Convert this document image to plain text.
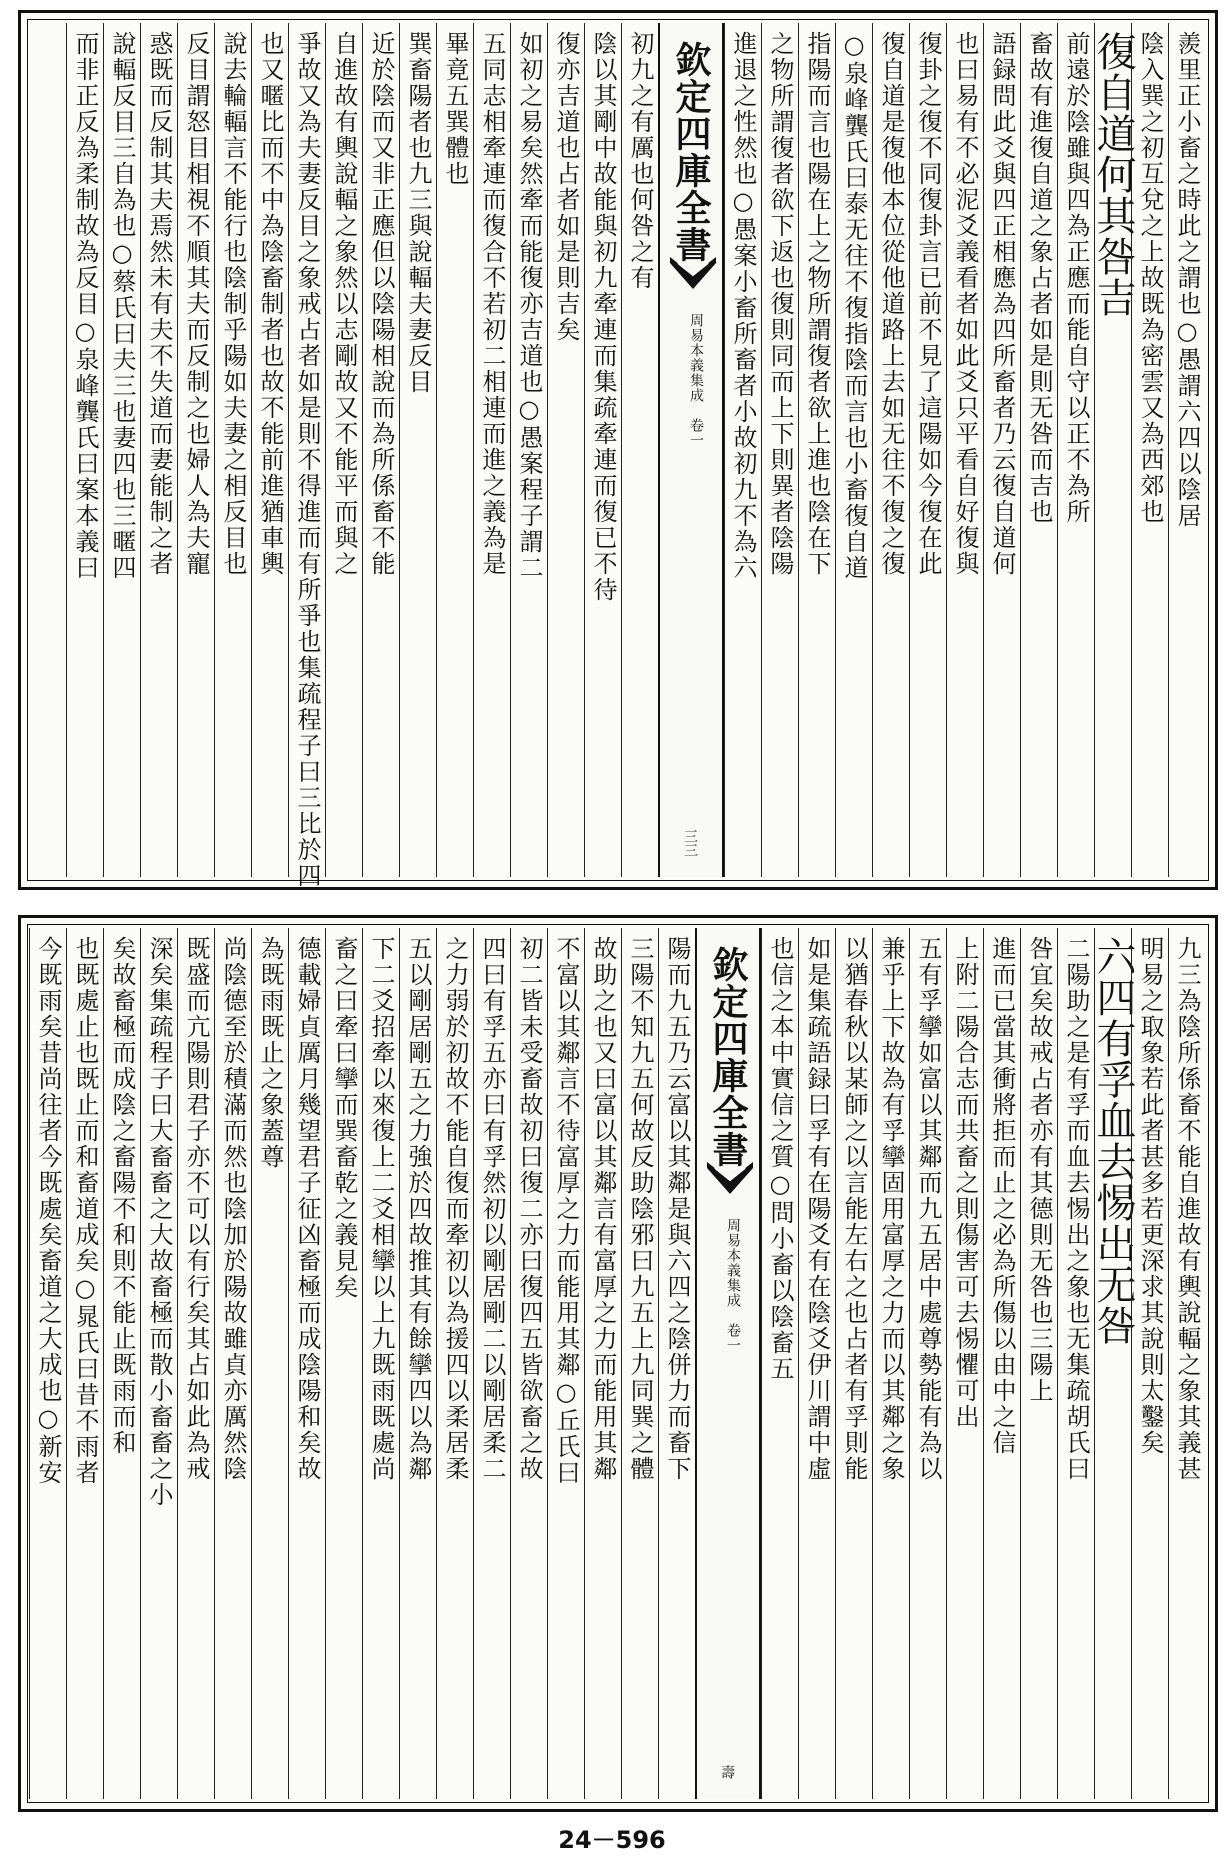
羨里正小畜之時此之謂也○愚謂六四以陰居
陰入巽之初互兌之上故既為密雲又為西郊也
復自道何其咎吉
前遠於陰雖與四為正應而能自守以正不為所
畜故有進復自道之象占者如是則无咎而吉也
語録問此爻與四正相應為四所畜者乃云復自道何
也曰易有不必泥爻義看者如此爻只平看自好復與
復卦之復不同復卦言已前不見了這陽如今復在此
復自道是復他本位從他道路上去如无往不復之復
○泉峰龔氏曰泰无往不復指陰而言也小畜復自道
指陽而言也陽在上之物所謂復者欲上進也陰在下
之物所謂復者欲下返也復則同而上下則異者陰陽
進退之性然也○愚案小畜所畜者小故初九不為六
欽定四庫全書
周易本義集成　卷一
三三
初九之有厲也何咎之有
陰以其剛中故能與初九牽連而集疏牽連而復已不待
復亦吉道也占者如是則吉矣
如初之易矣然牽而能復亦吉道也○愚案程子謂二
五同志相牽連而復合不若初二相連而進之義為是
畢竟五巽體也
巽畜陽者也九三與說輻夫妻反目
近於陰而又非正應但以陰陽相說而為所係畜不能
自進故有輿說輻之象然以志剛故又不能平而與之
爭故又為夫妻反目之象戒占者如是則不得進而有所爭也集疏程子曰三比於四
也又暱比而不中為陰畜制者也故不能前進猶車輿
說去輪輻言不能行也陰制乎陽如夫妻之相反目也
反目謂怒目相視不順其夫而反制之也婦人為夫寵
惑既而反制其夫焉然未有夫不失道而妻能制之者
說輻反目三自為也○蔡氏曰夫三也妻四也三暱四
而非正反為柔制故為反目○泉峰龔氏曰案本義曰
九三為陰所係畜不能自進故有輿說輻之象其義甚
明易之取象若此者甚多若更深求其說則太鑿矣
六四有孚血去惕出无咎
二陽助之是有孚而血去惕出之象也无集疏胡氏曰
咎宜矣故戒占者亦有其德則无咎也三陽上
進而已當其衝將拒而止之必為所傷以由中之信
上附二陽合志而共畜之則傷害可去惕懼可出
五有孚攣如富以其鄰而九五居中處尊勢能有為以
兼乎上下故為有孚攣固用富厚之力而以其鄰之象
以猶春秋以某師之以言能左右之也占者有孚則能
如是集疏語録曰孚有在陽爻有在陰爻伊川謂中虛
也信之本中實信之質○問小畜以陰畜五
欽定四庫全書
周易本義集成　卷一
壽
陽而九五乃云富以其鄰是與六四之陰併力而畜下
三陽不知九五何故反助陰邪曰九五上九同巽之體
故助之也又曰富以其鄰言有富厚之力而能用其鄰
不富以其鄰言不待富厚之力而能用其鄰○丘氏曰
初二皆未受畜故初曰復二亦曰復四五皆欲畜之故
四曰有孚五亦曰有孚然初以剛居剛二以剛居柔二
之力弱於初故不能自復而牽初以為援四以柔居柔
五以剛居剛五之力強於四故推其有餘攣四以為鄰
下二爻招牽以來復上二爻相攣以上九既雨既處尚
畜之曰牽曰攣而巽畜乾之義見矣
德載婦貞厲月幾望君子征凶畜極而成陰陽和矣故
為既雨既止之象蓋尊
尚陰德至於積滿而然也陰加於陽故雖貞亦厲然陰
既盛而亢陽則君子亦不可以有行矣其占如此為戒
深矣集疏程子曰大畜畜之大故畜極而散小畜畜之小
矣故畜極而成陰之畜陽不和則不能止既雨而和
也既處止也既止而和畜道成矣○晁氏曰昔不雨者
今既雨矣昔尚往者今既處矣畜道之大成也○新安
24－596
